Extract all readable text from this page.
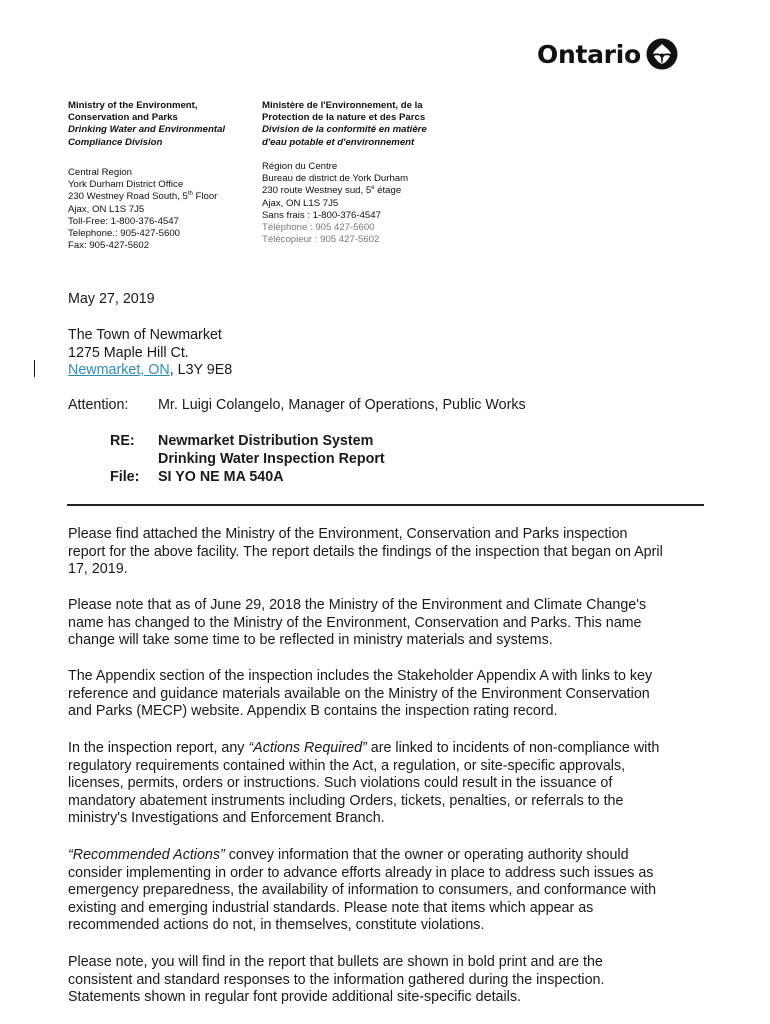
Ontario
Ministry of the Environment,
Conservation and Parks
Drinking Water and Environmental
Compliance Division
Central Region
York Durham District Office
230 Westney Road South, 5th Floor
Ajax, ON L1S 7J5
Toll-Free: 1-800-376-4547
Telephone.: 905-427-5600
Fax: 905-427-5602
Ministère de l'Environnement, de la
Protection de la nature et des Parcs
Division de la conformité en matière
d'eau potable et d'environnement
Région du Centre
Bureau de district de York Durham
230 route Westney sud, 5e étage
Ajax, ON L1S 7J5
Sans frais : 1-800-376-4547
Téléphone : 905 427-5600
Télécopieur : 905 427-5602
May 27, 2019
The Town of Newmarket
1275 Maple Hill Ct.
Newmarket, ON, L3Y 9E8
Attention: Mr. Luigi Colangelo, Manager of Operations, Public Works
RE: Newmarket Distribution System
Drinking Water Inspection Report
File: SI YO NE MA 540A
Please find attached the Ministry of the Environment, Conservation and Parks inspection
report for the above facility. The report details the findings of the inspection that began on April
17, 2019.
Please note that as of June 29, 2018 the Ministry of the Environment and Climate Change's
name has changed to the Ministry of the Environment, Conservation and Parks. This name
change will take some time to be reflected in ministry materials and systems.
The Appendix section of the inspection includes the Stakeholder Appendix A with links to key
reference and guidance materials available on the Ministry of the Environment Conservation
and Parks (MECP) website. Appendix B contains the inspection rating record.
In the inspection report, any “Actions Required” are linked to incidents of non-compliance with
regulatory requirements contained within the Act, a regulation, or site-specific approvals,
licenses, permits, orders or instructions. Such violations could result in the issuance of
mandatory abatement instruments including Orders, tickets, penalties, or referrals to the
ministry's Investigations and Enforcement Branch.
“Recommended Actions” convey information that the owner or operating authority should
consider implementing in order to advance efforts already in place to address such issues as
emergency preparedness, the availability of information to consumers, and conformance with
existing and emerging industrial standards. Please note that items which appear as
recommended actions do not, in themselves, constitute violations.
Please note, you will find in the report that bullets are shown in bold print and are the
consistent and standard responses to the information gathered during the inspection.
Statements shown in regular font provide additional site-specific details.
